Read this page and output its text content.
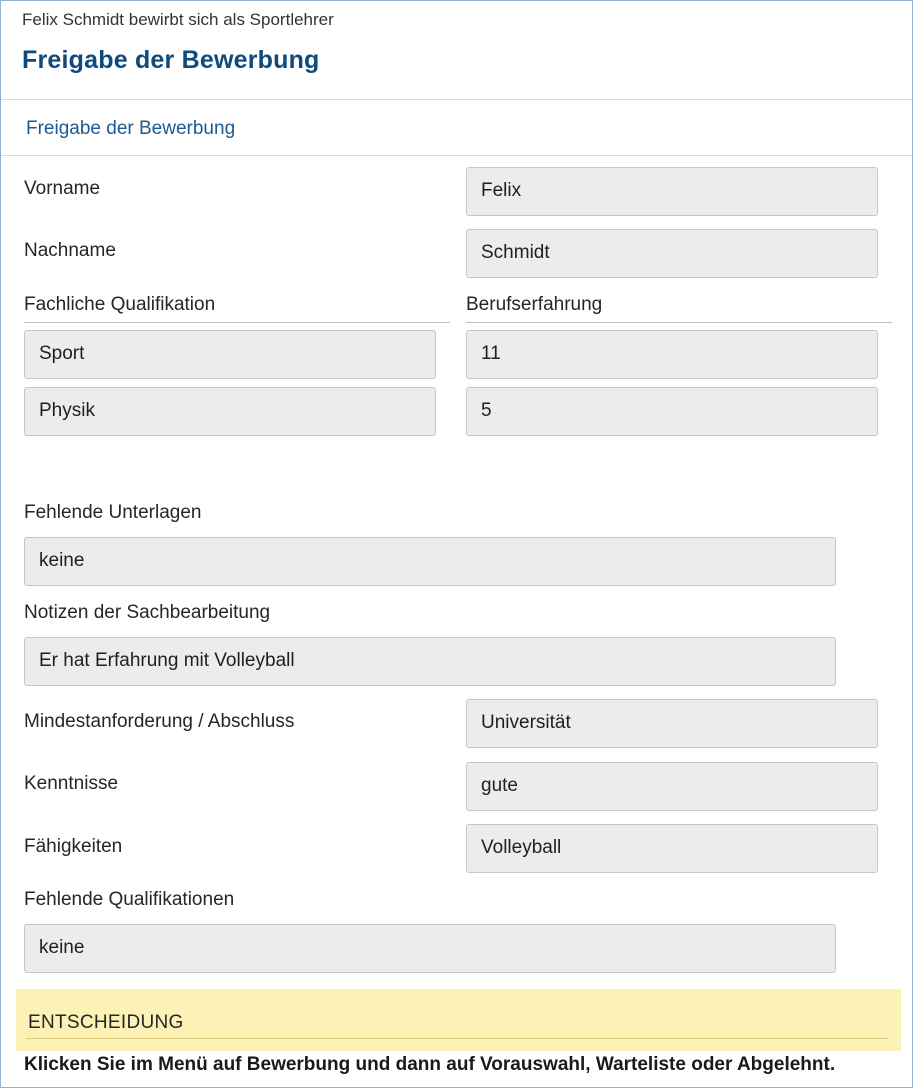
Felix Schmidt bewirbt sich als Sportlehrer
Freigabe der Bewerbung
Freigabe der Bewerbung
Vorname	Felix
Nachname	Schmidt
Fachliche Qualifikation	Berufserfahrung
Sport	11
Physik	5
Fehlende Unterlagen
keine
Notizen der Sachbearbeitung
Er hat Erfahrung mit Volleyball
Mindestanforderung / Abschluss	Universität
Kenntnisse	gute
Fähigkeiten	Volleyball
Fehlende Qualifikationen
keine
ENTSCHEIDUNG
Klicken Sie im Menü auf Bewerbung und dann auf Vorauswahl, Warteliste oder Abgelehnt.
